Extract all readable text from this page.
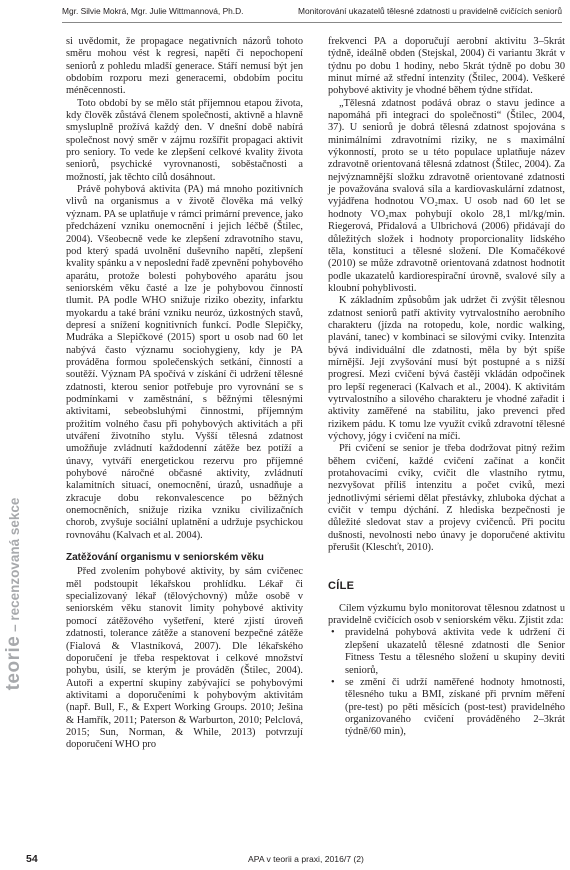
Mgr. Silvie Mokrá, Mgr. Julie Wittmannová, Ph.D.	Monitorování ukazatelů tělesné zdatnosti u pravidelně cvičících seniorů
teorie – recenzovaná sekce

si uvědomit, že propagace negativních názorů tohoto směru mohou vést k regresi, napětí či nepochopení seniorů z pohledu mladší generace. Stáří nemusí být jen obdobím rozporu mezi generacemi, obdobím pocitu méněcennosti.

Toto období by se mělo stát příjemnou etapou života, kdy člověk zůstává členem společnosti, aktivně a hlavně smysluplně prožívá každý den. V dnešní době nabírá společnost nový směr v zájmu rozšířit propagaci aktivit pro seniory. To vede ke zlepšení celkové kvality života seniorů, psychické vyrovnanosti, soběstačnosti a možností, jak těchto cílů dosáhnout.

Právě pohybová aktivita (PA) má mnoho pozitivních vlivů na organismus a v životě člověka má velký význam. PA se uplatňuje v rámci primární prevence, jako předcházení vzniku onemocnění i jejich léčbě (Štilec, 2004). Všeobecně vede ke zlepšení zdravotního stavu, pod který spadá uvolnění duševního napětí, zlepšení kvality spánku a v neposlední řadě zpevnění pohybového aparátu, protože bolesti pohybového aparátu jsou seniorském věku časté a lze je pohybovou činností tlumit. PA podle WHO snižuje riziko obezity, infarktu myokardu a také brání vzniku neuróz, úzkostných stavů, depresí a snížení kognitivních funkcí. Podle Slepičky, Mudráka a Slepičkové (2015) sport u osob nad 60 let nabývá často významu sociohygieny, kdy je PA prováděna formou společenských setkání, činností a soutěží. Význam PA spočívá v získání či udržení tělesné zdatnosti, kterou senior potřebuje pro vyrovnání se s podmínkami v zaměstnání, s běžnými tělesnými aktivitami, sebeobsluhými činnostmi, příjemným prožitím volného času při pohybových aktivitách a při utváření životního stylu. Vyšší tělesná zdatnost umožňuje zvládnutí každodenní zátěže bez potíží a únavy, vytváří energetickou rezervu pro příjemné pohybové náročné občasné aktivity, zvládnutí kalamitních situací, onemocnění, úrazů, usnadňuje a zkracuje dobu rekonvalescence po běžných onemocněních, snižuje rizika vzniku civilizačních chorob, zvyšuje sociální uplatnění a udržuje psychickou rovnováhu (Kalvach et al. 2004).

Zatěžování organismu v seniorském věku

Před zvolením pohybové aktivity, by sám cvičenec měl podstoupit lékařskou prohlídku. Lékař či specializovaný lékař (tělovýchovný) může osobě v seniorském věku stanovit limity pohybové aktivity pomocí zátěžového vyšetření, které zjistí úroveň zdatnosti, tolerance zátěže a stanovení bezpečné zátěže (Fialová & Vlastníková, 2007). Dle lékařského doporučení je třeba respektovat i celkové množství pohybu, úsilí, se kterým je prováděn (Štilec, 2004). Autoři a expertní skupiny zabývající se pohybovými aktivitami a doporučeními k pohybovým aktivitám (např. Bull, F., & Expert Working Groups. 2010; Ješina & Hamřík, 2011; Paterson & Warburton, 2010; Pelclová, 2015; Sun, Norman, & While, 2013) potvrzují doporučení WHO pro

frekvenci PA a doporučují aerobní aktivitu 3–5krát týdně, ideálně obden (Stejskal, 2004) či variantu 3krát v týdnu po dobu 1 hodiny, nebo 5krát týdně po dobu 30 minut mírné až střední intenzity (Štilec, 2004). Veškeré pohybové aktivity je vhodné během týdne střídat.

„Tělesná zdatnost podává obraz o stavu jedince a napomáhá při integraci do společnosti“ (Štilec, 2004, 37). U seniorů je dobrá tělesná zdatnost spojována s minimálními zdravotními riziky, ne s maximální výkonností, proto se u této populace uplatňuje název zdravotně orientovaná tělesná zdatnost (Štilec, 2004). Za nejvýznamnější složku zdravotně orientované zdatnosti je považována svalová síla a kardiovaskulární zdatnost, vyjádřena hodnotou VO₂max. U osob nad 60 let se hodnoty VO₂max pohybují okolo 28,1 ml/kg/min. Riegerová, Přidalová a Ulbrichová (2006) přidávají do důležitých složek i hodnoty proporcionality lidského těla, konstituci a tělesné složení. Dle Komačékové (2010) se může zdravotně orientovaná zdatnost hodnotit podle ukazatelů kardiorespirační úrovně, svalové síly a kloubní pohyblivosti.

K základním způsobům jak udržet či zvýšit tělesnou zdatnost seniorů patří aktivity vytrvalostního aerobního charakteru (jízda na rotopedu, kole, nordic walking, plavání, tanec) v kombinaci se silovými cviky. Intenzita bývá individuální dle zdatnosti, měla by být spíše mírnější. Její zvyšování musí být postupné a s nižší progresí. Mezi cvičení bývá častěji vkládán odpočinek pro lepší regeneraci (Kalvach et al., 2004). K aktivitám vytrvalostního a silového charakteru je vhodné zařadit i aktivity zaměřené na stabilitu, jako prevenci před rizikem pádu. K tomu lze využít cviků zdravotní tělesné výchovy, jógy i cvičení na míči.

Při cvičení se senior je třeba dodržovat pitný režim během cvičení, každé cvičení začínat a končit protahovacími cviky, cvičit dle vlastního rytmu, nezvyšovat příliš intenzitu a počet cviků, mezi jednotlivými sériemi dělat přestávky, zhluboka dýchat a cvičit v tempu dýchání. Z hlediska bezpečnosti je důležité sledovat stav a projevy cvičenců. Při pocitu dušnosti, nevolnosti nebo únavy je doporučené aktivitu přerušit (Kleschťt, 2010).

CÍLE

Cílem výzkumu bylo monitorovat tělesnou zdatnost u pravidelně cvičících osob v seniorském věku. Zjistit zda:

• pravidelná pohybová aktivita vede k udržení či zlepšení ukazatelů tělesné zdatnosti dle Senior Fitness Testu a tělesného složení u skupiny deviti seniorů,
• se změní či udrží naměřené hodnoty hmotnosti, tělesného tuku a BMI, získané při prvním měření (pre-test) po pěti měsících (post-test) pravidelného organizovaného cvičení prováděného 2–3krát týdně/60 min),
54	APA v teorii a praxi, 2016/7 (2)
